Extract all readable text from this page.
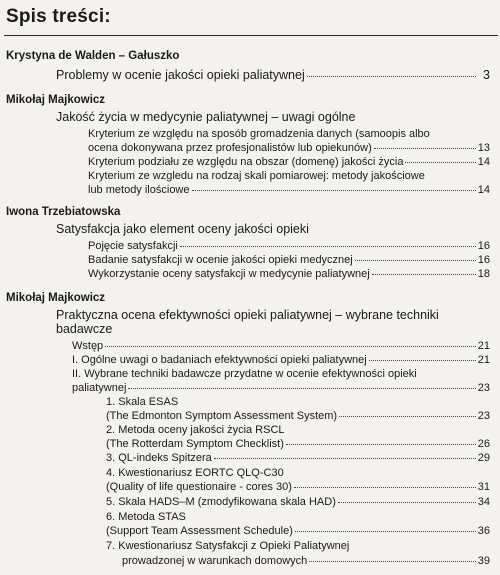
Spis treści:
Krystyna de Walden – Gałuszko
Problemy w ocenie jakości opieki paliatywnej	3
Mikołaj Majkowicz
Jakość życia w medycynie paliatywnej – uwagi ogólne
Kryterium ze względu na sposób gromadzenia danych (samoopis albo
ocena dokonywana przez profesjonalistów lub opiekunów)	13
Kryterium podziału ze względu na obszar (domenę) jakości życia	14
Kryterium ze wzgledu na rodzaj skali pomiarowej: metody jakościowe
lub metody ilościowe	14
Iwona Trzebiatowska
Satysfakcja jako element oceny jakości opieki
Pojęcie satysfakcji	16
Badanie satysfakcji w ocenie jakości opieki medycznej	16
Wykorzystanie oceny satysfakcji w medycynie paliatywnej	18
Mikołaj Majkowicz
Praktyczna ocena efektywności opieki paliatywnej – wybrane techniki
badawcze
Wstęp	21
I. Ogólne uwagi o badaniach efektywności opieki paliatywnej	21
II. Wybrane techniki badawcze przydatne w ocenie efektywności opieki
paliatywnej	23
1. Skala ESAS
(The Edmonton Symptom Assessment System)	23
2. Metoda oceny jakości życia RSCL
(The Rotterdam Symptom Checklist)	26
3. QL-indeks Spitzera	29
4. Kwestionariusz EORTC QLQ-C30
(Quality of life questionaire - cores 30)	31
5. Skala HADS–M (zmodyfikowana skala HAD)	34
6. Metoda STAS
(Support Team Assessment Schedule)	36
7. Kwestionariusz Satysfakcji z Opieki Paliatywnej
prowadzonej w warunkach domowych	39
